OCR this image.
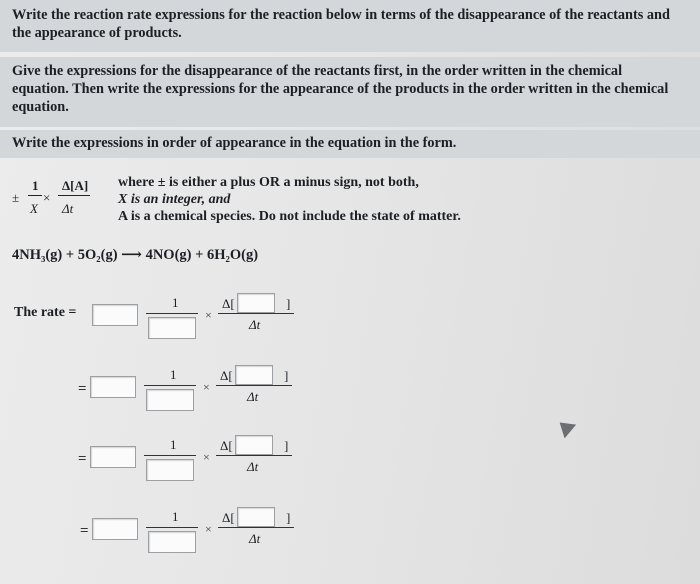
Write the reaction rate expressions for the reaction below in terms of the disappearance of the reactants and the appearance of products.

Give the expressions for the disappearance of the reactants first, in the order written in the chemical equation. Then write the expressions for the appearance of the products in the order written in the chemical equation.

Write the expressions in order of appearance in the equation in the form.

±
1
X
×
Δ[A]
Δt
where ± is either a plus OR a minus sign, not both,
X is an integer, and
A is a chemical species. Do not include the state of matter.
4NH₃(g) + 5O₂(g) ⟶ 4NO(g) + 6H₂O(g)
The rate =
1
×
Δ[	]
Δt
=
1
×
Δ[	]
Δt
=
1
×
Δ[	]
Δt
=
1
×
Δ[	]
Δt
